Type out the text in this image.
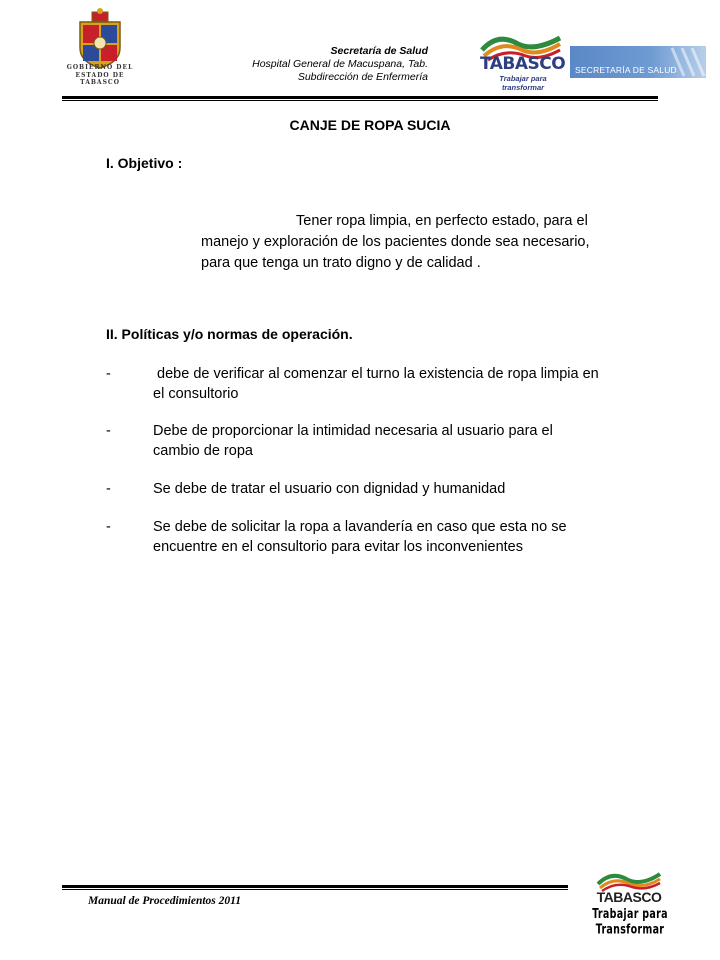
GOBIERNO DEL
ESTADO DE
TABASCO
Secretaría de Salud
Hospital General de Macuspana, Tab.
Subdirección de Enfermería
TABASCO
Trabajar para transformar
SECRETARÍA DE SALUD
CANJE DE ROPA SUCIA
I. Objetivo :
Tener ropa limpia, en perfecto estado, para el
manejo y exploración de los pacientes donde sea necesario,
para que tenga un trato digno y de calidad .
II. Políticas y/o normas de operación.
-	debe de verificar al comenzar el turno la existencia de ropa limpia en
el consultorio
-	Debe de proporcionar la intimidad necesaria al usuario para el
cambio de ropa
-	Se debe de tratar el usuario con dignidad y humanidad
-	Se debe de solicitar la ropa a lavandería en caso que esta no se
encuentre en el consultorio para evitar los inconvenientes
Manual de Procedimientos 2011	TABASCO
Trabajar para Transformar
